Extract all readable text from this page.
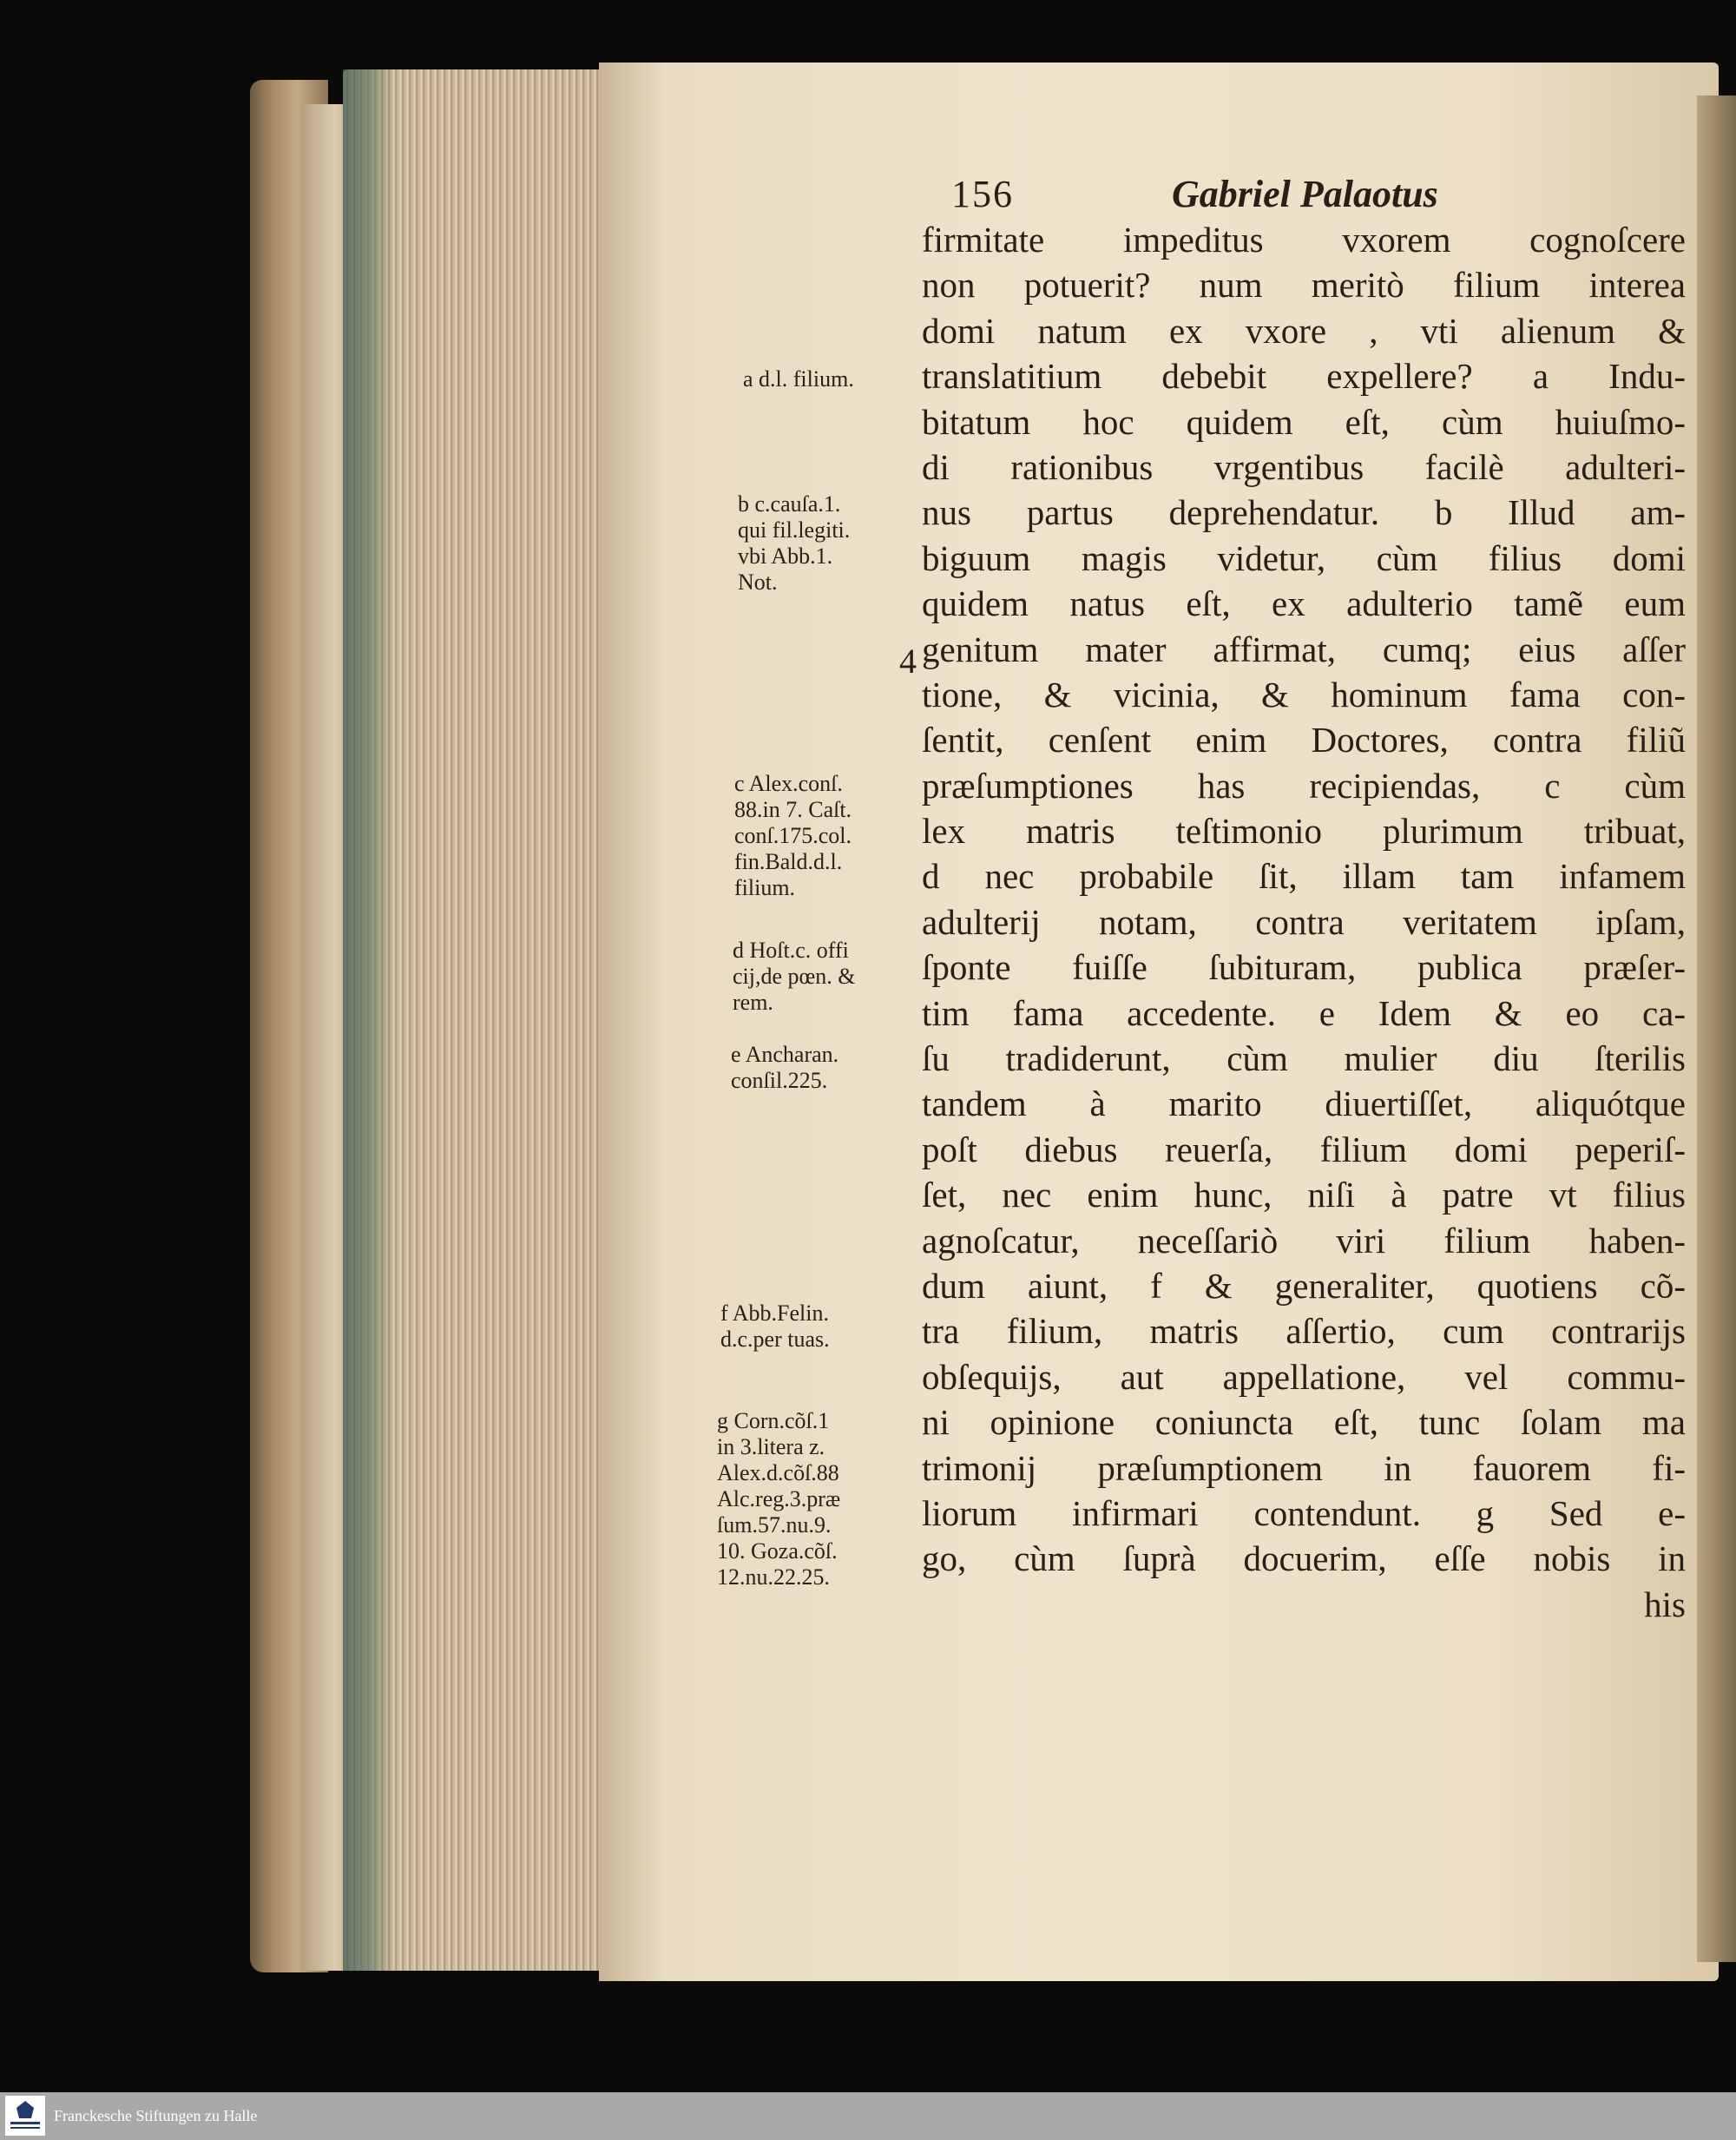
156	Gabriel Palaotus
4
firmitate impeditus vxorem cognoſcere
non potuerit? num meritò filium interea
domi natum ex vxore , vti alienum &
translatitium debebit expellere? a Indu-
bitatum hoc quidem eſt, cùm huiuſmo-
di rationibus vrgentibus facilè adulteri-
nus partus deprehendatur. b Illud am-
biguum magis videtur, cùm filius domi
quidem natus eſt, ex adulterio tamẽ eum
genitum mater affirmat, cumq; eius aſſer
tione, & vicinia, & hominum fama con-
ſentit, cenſent enim Doctores, contra filiũ
præſumptiones has recipiendas, c cùm
lex matris teſtimonio plurimum tribuat,
d nec probabile ſit, illam tam infamem
adulterij notam, contra veritatem ipſam,
ſponte fuiſſe ſubituram, publica præſer-
tim fama accedente. e Idem & eo ca-
ſu tradiderunt, cùm mulier diu ſterilis
tandem à marito diuertiſſet, aliquótque
poſt diebus reuerſa, filium domi peperiſ-
ſet, nec enim hunc, niſi à patre vt filius
agnoſcatur, neceſſariò viri filium haben-
dum aiunt, f & generaliter, quotiens cõ-
tra filium, matris aſſertio, cum contrarijs
obſequijs, aut appellatione, vel commu-
ni opinione coniuncta eſt, tunc ſolam ma
trimonij præſumptionem in fauorem fi-
liorum infirmari contendunt. g Sed e-
go, cùm ſuprà docuerim, eſſe nobis in
his
a d.l. filium.
b c.cauſa.1.
qui fil.legiti.
vbi Abb.1.
Not.
c Alex.conſ.
88.in 7. Caſt.
conſ.175.col.
fin.Bald.d.l.
filium.
d Hoſt.c. offi
cij,de pœn. &
rem.
e Ancharan.
conſil.225.
f Abb.Felin.
d.c.per tuas.
g Corn.cõſ.1
in 3.litera z.
Alex.d.cõſ.88
Alc.reg.3.præ
ſum.57.nu.9.
10. Goza.cõſ.
12.nu.22.25.
Franckesche Stiftungen zu Halle
